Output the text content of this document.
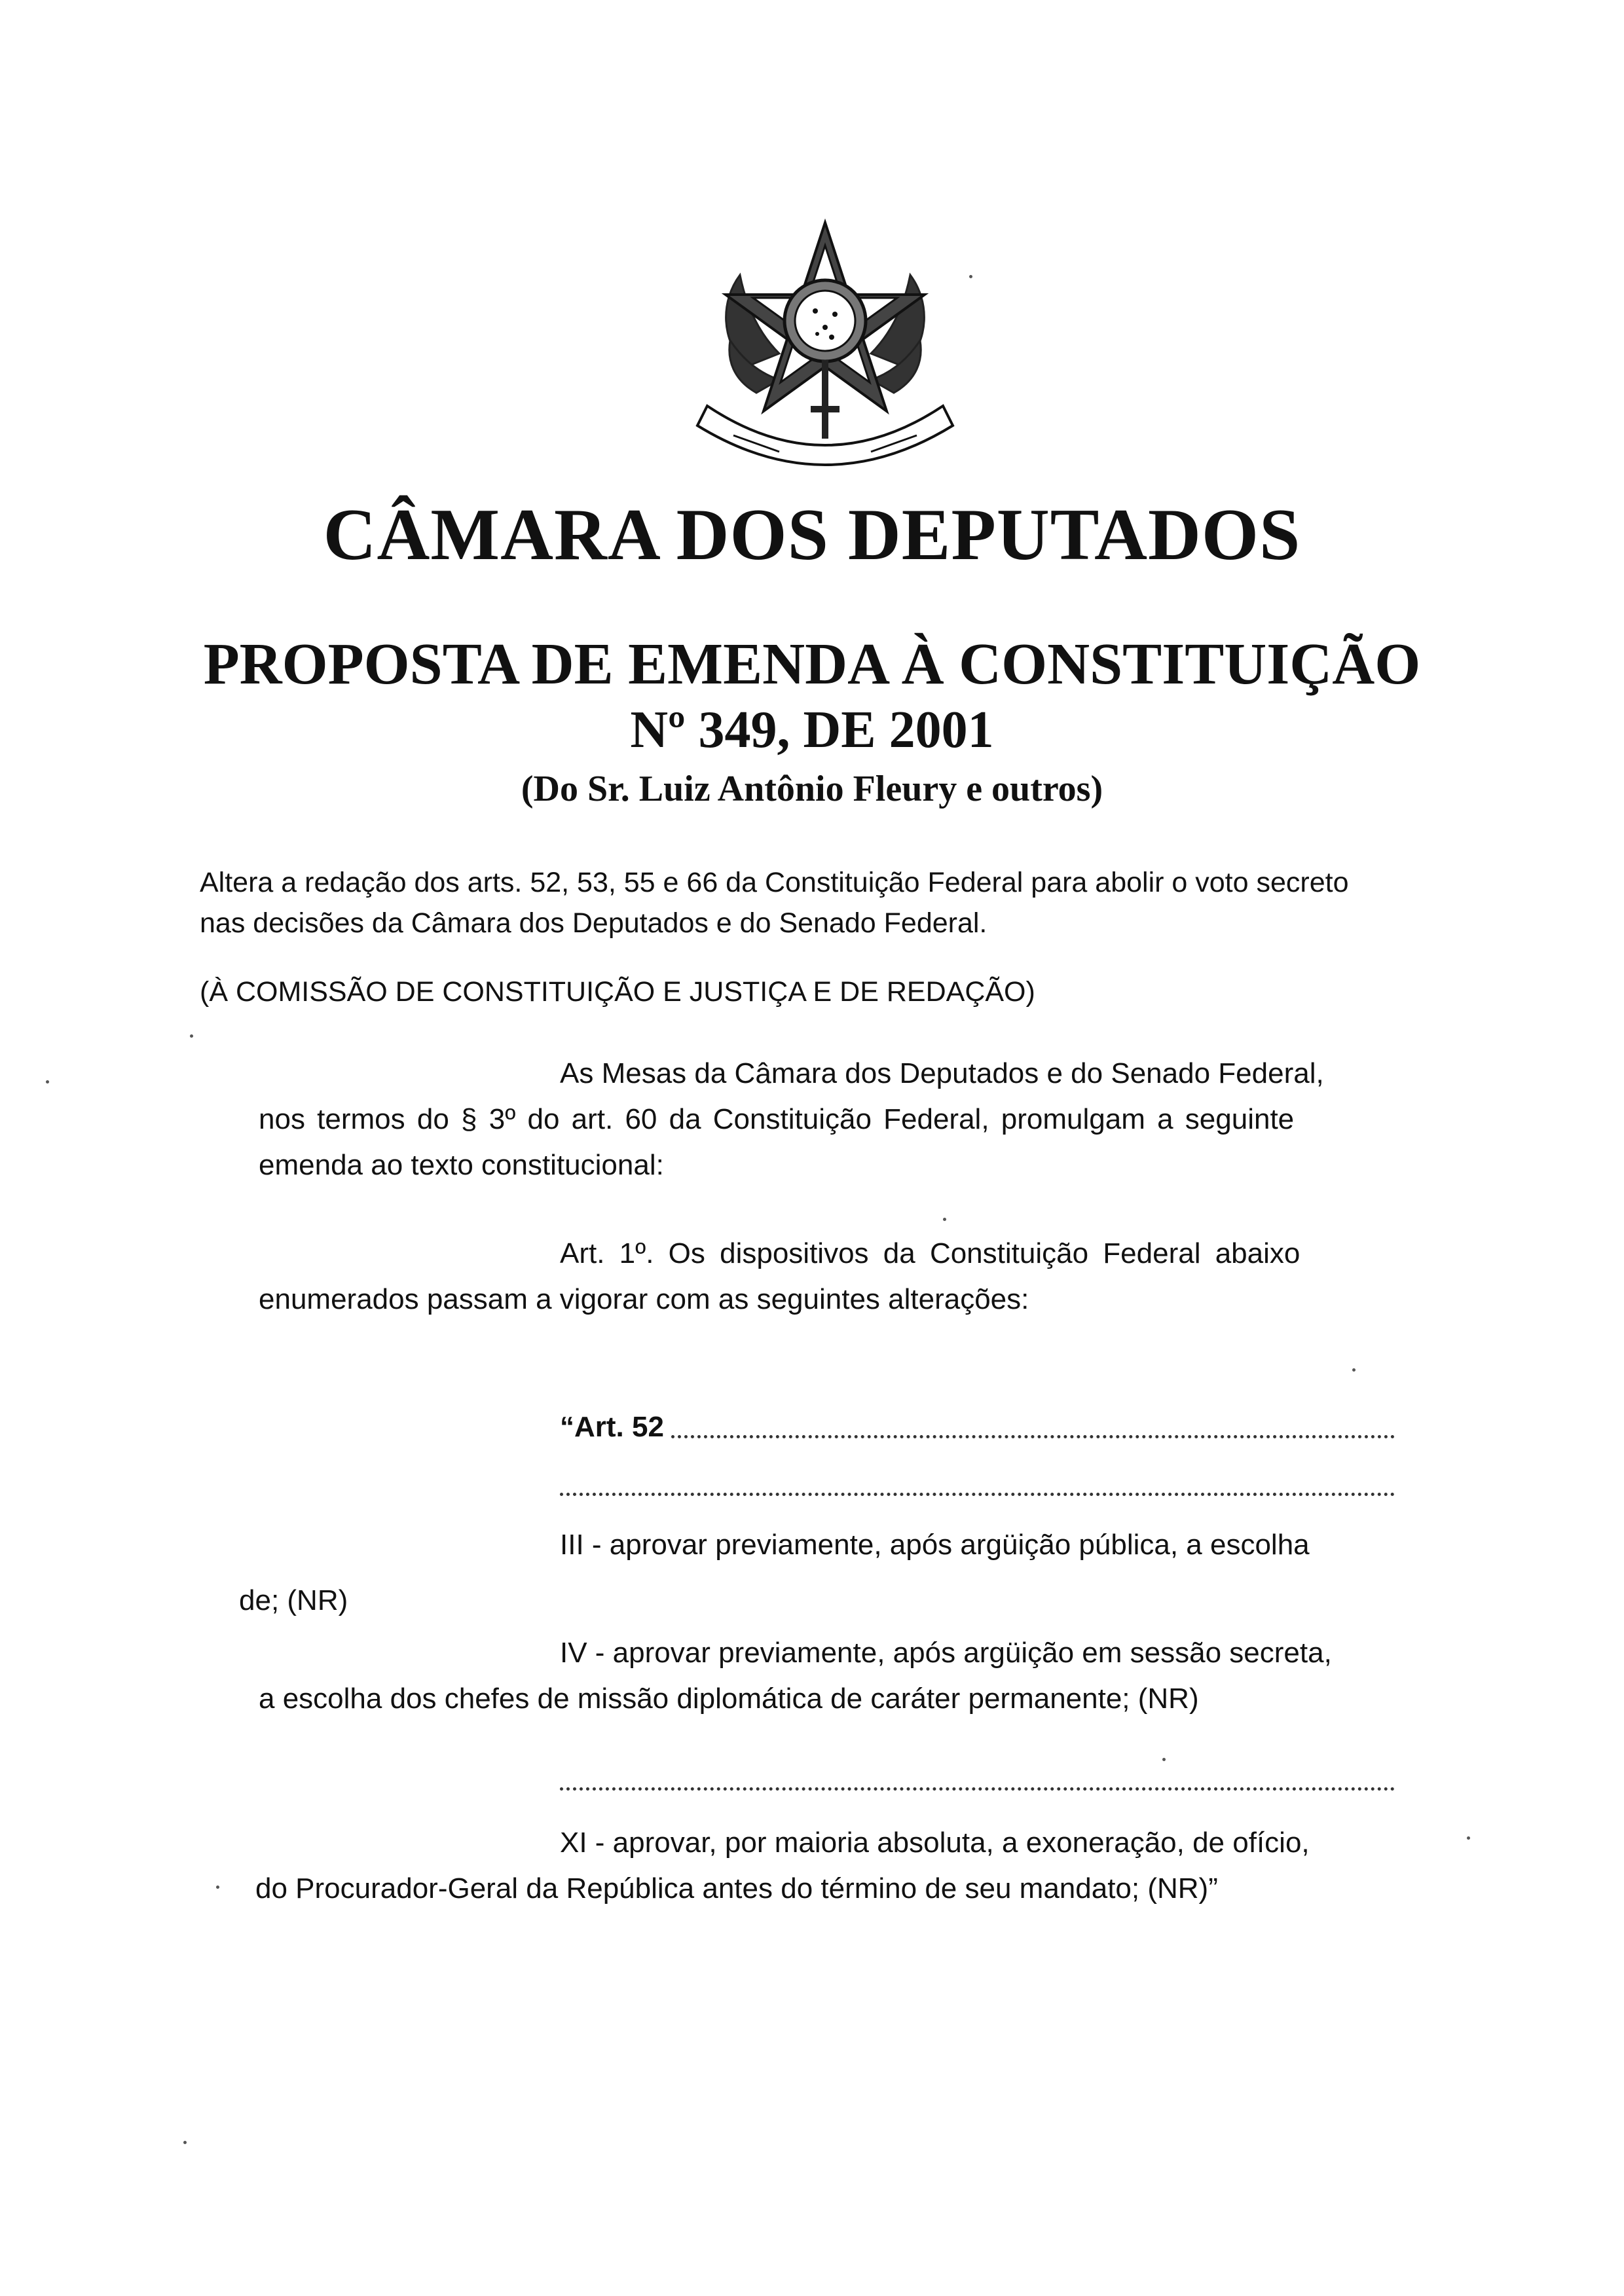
CÂMARA DOS DEPUTADOS
PROPOSTA DE EMENDA À CONSTITUIÇÃO
Nº 349, DE 2001
(Do Sr. Luiz Antônio Fleury e outros)
Altera a redação dos arts. 52, 53, 55 e 66 da Constituição Federal para abolir o voto secreto
nas decisões da Câmara dos Deputados e do Senado Federal.
(À COMISSÃO DE CONSTITUIÇÃO E JUSTIÇA E DE REDAÇÃO)
As Mesas da Câmara dos Deputados e do Senado Federal,
nos termos do § 3º do art. 60 da Constituição Federal, promulgam a seguinte
emenda ao texto constitucional:
Art. 1º. Os dispositivos da Constituição Federal abaixo
enumerados passam a vigorar com as seguintes alterações:
“Art. 52
III - aprovar previamente, após argüição pública, a escolha
de; (NR)
IV - aprovar previamente, após argüição em sessão secreta,
a escolha dos chefes de missão diplomática de caráter permanente; (NR)
XI - aprovar, por maioria absoluta, a exoneração, de ofício,
do Procurador-Geral da República antes do término de seu mandato; (NR)”
